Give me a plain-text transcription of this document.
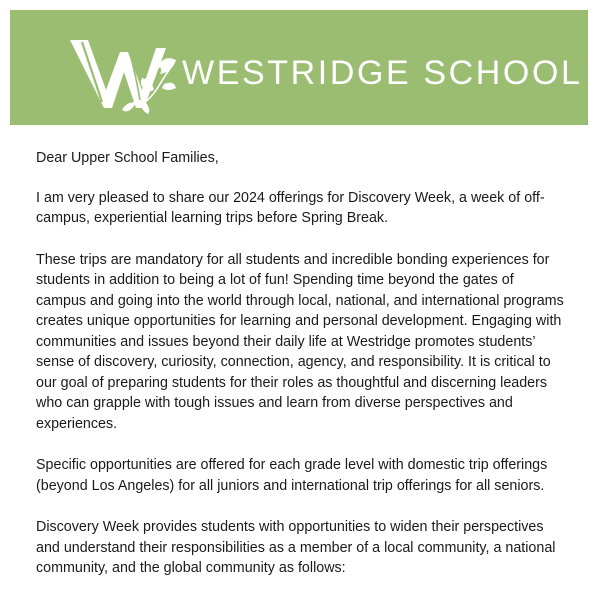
WESTRIDGE SCHOOL

Dear Upper School Families,

I am very pleased to share our 2024 offerings for Discovery Week, a week of off-campus, experiential learning trips before Spring Break.

These trips are mandatory for all students and incredible bonding experiences for students in addition to being a lot of fun! Spending time beyond the gates of campus and going into the world through local, national, and international programs creates unique opportunities for learning and personal development. Engaging with communities and issues beyond their daily life at Westridge promotes students’ sense of discovery, curiosity, connection, agency, and responsibility. It is critical to our goal of preparing students for their roles as thoughtful and discerning leaders who can grapple with tough issues and learn from diverse perspectives and experiences.

Specific opportunities are offered for each grade level with domestic trip offerings (beyond Los Angeles) for all juniors and international trip offerings for all seniors.

Discovery Week provides students with opportunities to widen their perspectives and understand their responsibilities as a member of a local community, a national community, and the global community as follows:
